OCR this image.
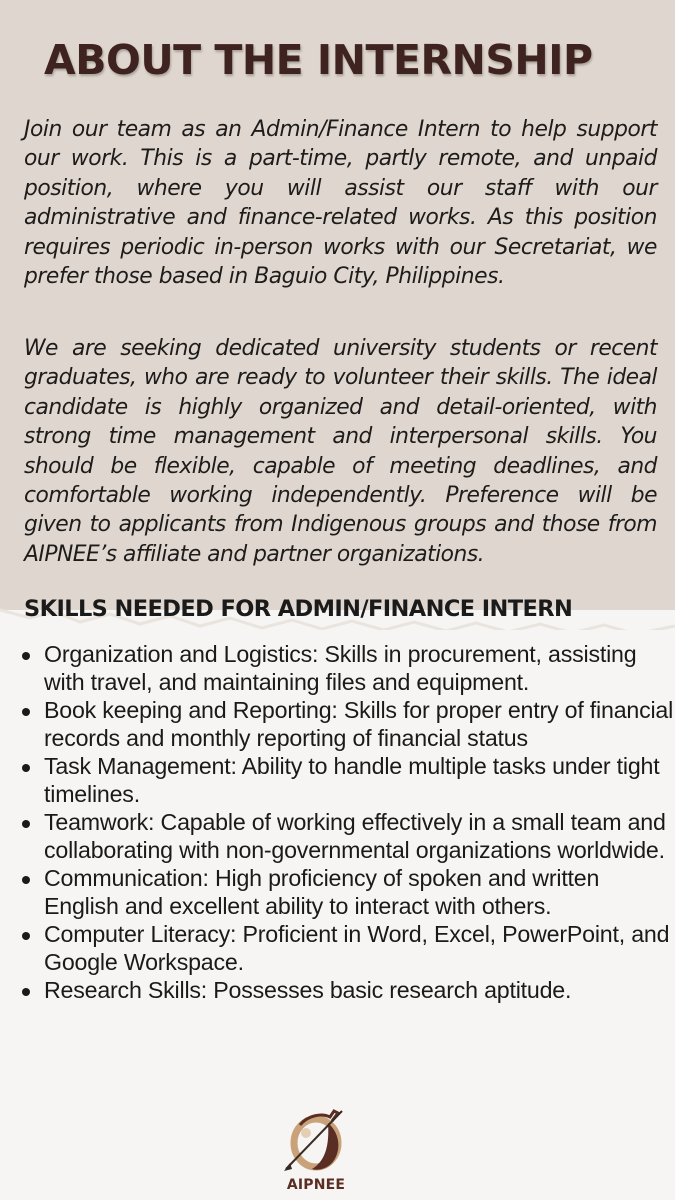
ABOUT THE INTERNSHIP

Join our team as an Admin/Finance Intern to help support our work. This is a part-time, partly remote, and unpaid position, where you will assist our staff with our administrative and finance-related works. As this position requires periodic in-person works with our Secretariat, we prefer those based in Baguio City, Philippines.

We are seeking dedicated university students or recent graduates, who are ready to volunteer their skills. The ideal candidate is highly organized and detail-oriented, with strong time management and interpersonal skills. You should be flexible, capable of meeting deadlines, and comfortable working independently. Preference will be given to applicants from Indigenous groups and those from AIPNEE’s affiliate and partner organizations.

SKILLS NEEDED FOR ADMIN/FINANCE INTERN
Organization and Logistics: Skills in procurement, assisting with travel, and maintaining files and equipment.
Book keeping and Reporting: Skills for proper entry of financial records and monthly reporting of financial status
Task Management: Ability to handle multiple tasks under tight timelines.
Teamwork: Capable of working effectively in a small team and collaborating with non-governmental organizations worldwide.
Communication: High proficiency of spoken and written English and excellent ability to interact with others.
Computer Literacy: Proficient in Word, Excel, PowerPoint, and Google Workspace.
Research Skills: Possesses basic research aptitude.
AIPNEE
